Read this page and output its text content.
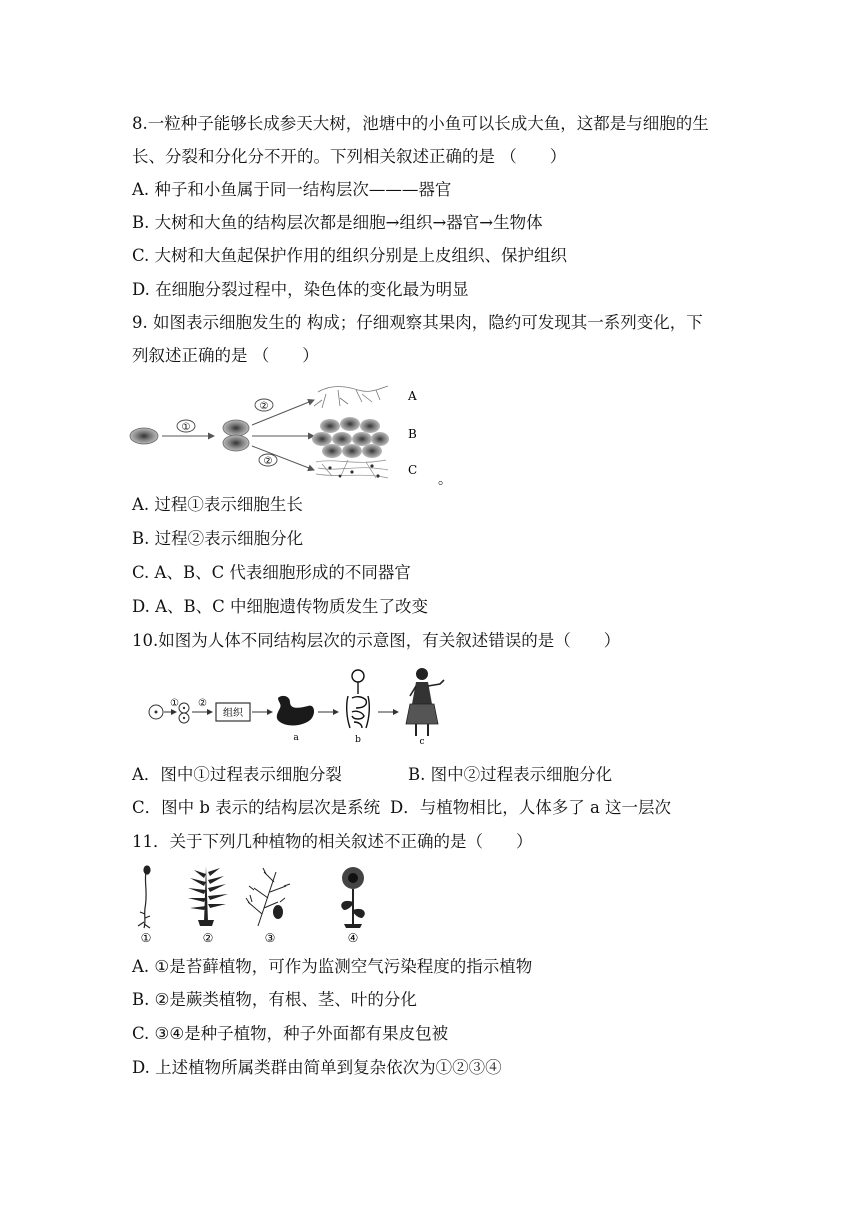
8.一粒种子能够长成参天大树，池塘中的小鱼可以长成大鱼，这都是与细胞的生
长、分裂和分化分不开的。下列相关叙述正确的是 （　　）
A. 种子和小鱼属于同一结构层次———器官
B. 大树和大鱼的结构层次都是细胞→组织→器官→生物体
C. 大树和大鱼起保护作用的组织分别是上皮组织、保护组织
D. 在细胞分裂过程中，染色体的变化最为明显
9. 如图表示细胞发生的 构成；仔细观察其果肉，隐约可发现其一系列变化，下
列叙述正确的是 （　　）
①
②
②
A
B
C
。
A. 过程①表示细胞生长
B. 过程②表示细胞分化
C. A、B、C 代表细胞形成的不同器官
D. A、B、C 中细胞遗传物质发生了改变
10.如图为人体不同结构层次的示意图，有关叙述错误的是（　　）
① ②
组织
a	b	c
A．图中①过程表示细胞分裂	B. 图中②过程表示细胞分化
C．图中 b 表示的结构层次是系统 D．与植物相比，人体多了 a 这一层次
11．关于下列几种植物的相关叙述不正确的是（　　）
①	②	③	④
A. ①是苔藓植物，可作为监测空气污染程度的指示植物
B. ②是蕨类植物，有根、茎、叶的分化
C. ③④是种子植物，种子外面都有果皮包被
D. 上述植物所属类群由简单到复杂依次为①②③④
